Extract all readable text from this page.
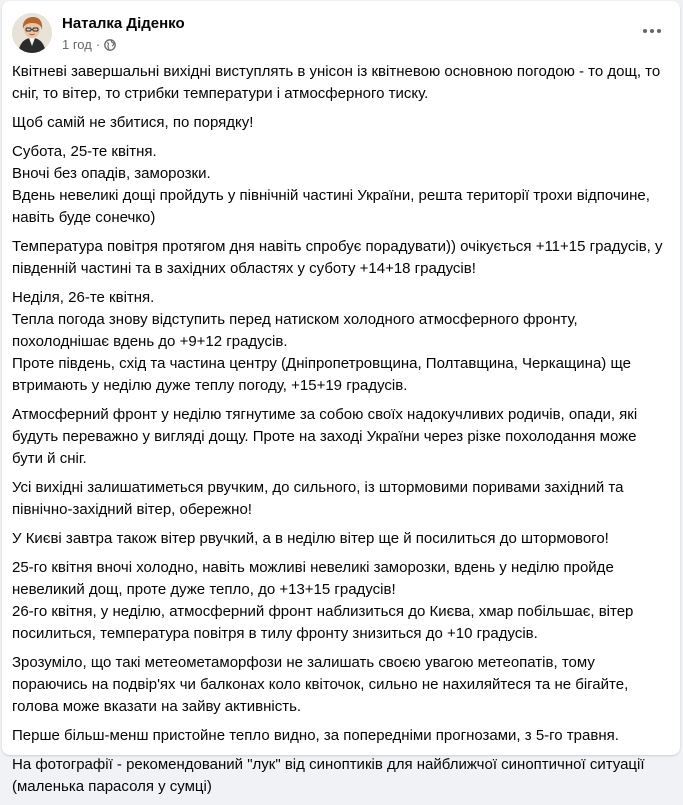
Наталка Діденко
1 год ·

Квітневі завершальні вихідні виступлять в унісон із квітневою основною погодою - то дощ, то
сніг, то вітер, то стрибки температури і атмосферного тиску.

Щоб самій не збитися, по порядку!

Субота, 25-те квітня.
Вночі без опадів, заморозки.
Вдень невеликі дощі пройдуть у північній частині України, решта території трохи відпочине,
навіть буде сонечко)

Температура повітря протягом дня навіть спробує порадувати)) очікується +11+15 градусів, у
південній частині та в західних областях у суботу +14+18 градусів!

Неділя, 26-те квітня.
Тепла погода знову відступить перед натиском холодного атмосферного фронту,
похолоднішає вдень до +9+12 градусів.
Проте південь, схід та частина центру (Дніпропетровщина, Полтавщина, Черкащина) ще
втримають у неділю дуже теплу погоду, +15+19 градусів.

Атмосферний фронт у неділю тягнутиме за собою своїх надокучливих родичів, опади, які
будуть переважно у вигляді дощу. Проте на заході України через різке похолодання може
бути й сніг.

Усі вихідні залишатиметься рвучким, до сильного, із штормовими поривами західний та
північно-західний вітер, обережно!

У Києві завтра також вітер рвучкий, а в неділю вітер ще й посилиться до штормового!

25-го квітня вночі холодно, навіть можливі невеликі заморозки, вдень у неділю пройде
невеликий дощ, проте дуже тепло, до +13+15 градусів!
26-го квітня, у неділю, атмосферний фронт наблизиться до Києва, хмар побільшає, вітер
посилиться, температура повітря в тилу фронту знизиться до +10 градусів.

Зрозуміло, що такі метеометаморфози не залишать своєю увагою метеопатів, тому
пораючись на подвір'ях чи балконах коло квіточок, сильно не нахиляйтеся та не бігайте,
голова може вказати на зайву активність.

Перше більш-менш пристойне тепло видно, за попередніми прогнозами, з 5-го травня.

На фотографії - рекомендований "лук" від синоптиків для найближчої синоптичної ситуації
(маленька парасоля у сумці)
